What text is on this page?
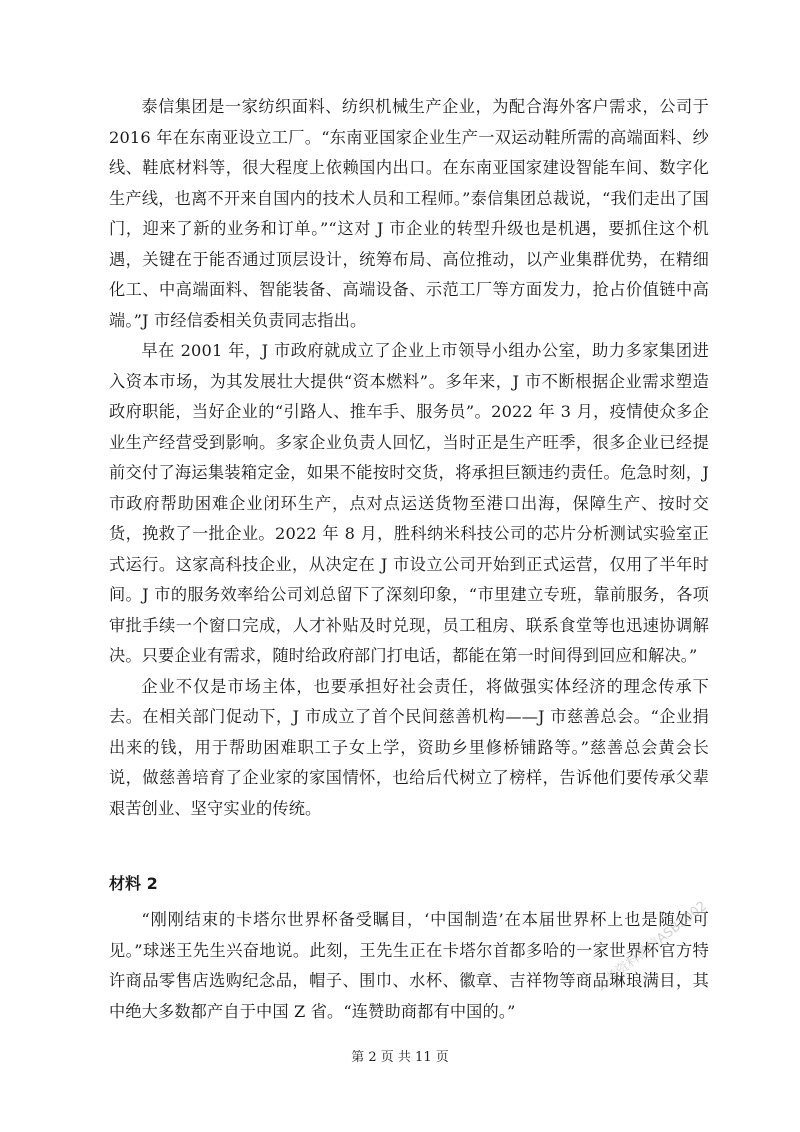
泰信集团是一家纺织面料、纺织机械生产企业，为配合海外客户需求，公司于 2016 年在东南亚设立工厂。“东南亚国家企业生产一双运动鞋所需的高端面料、纱线、鞋底材料等，很大程度上依赖国内出口。在东南亚国家建设智能车间、数字化生产线，也离不开来自国内的技术人员和工程师。”泰信集团总裁说，“我们走出了国门，迎来了新的业务和订单。”“这对 J 市企业的转型升级也是机遇，要抓住这个机遇，关键在于能否通过顶层设计，统筹布局、高位推动，以产业集群优势，在精细化工、中高端面料、智能装备、高端设备、示范工厂等方面发力，抢占价值链中高端。”J 市经信委相关负责同志指出。

早在 2001 年，J 市政府就成立了企业上市领导小组办公室，助力多家集团进入资本市场，为其发展壮大提供“资本燃料”。多年来，J 市不断根据企业需求塑造政府职能，当好企业的“引路人、推车手、服务员”。2022 年 3 月，疫情使众多企业生产经营受到影响。多家企业负责人回忆，当时正是生产旺季，很多企业已经提前交付了海运集装箱定金，如果不能按时交货，将承担巨额违约责任。危急时刻，J 市政府帮助困难企业闭环生产，点对点运送货物至港口出海，保障生产、按时交货，挽救了一批企业。2022 年 8 月，胜科纳米科技公司的芯片分析测试实验室正式运行。这家高科技企业，从决定在 J 市设立公司开始到正式运营，仅用了半年时间。J 市的服务效率给公司刘总留下了深刻印象，“市里建立专班，靠前服务，各项审批手续一个窗口完成，人才补贴及时兑现，员工租房、联系食堂等也迅速协调解决。只要企业有需求，随时给政府部门打电话，都能在第一时间得到回应和解决。”

企业不仅是市场主体，也要承担好社会责任，将做强实体经济的理念传承下去。在相关部门促动下，J 市成立了首个民间慈善机构——J 市慈善总会。“企业捐出来的钱，用于帮助困难职工子女上学，资助乡里修桥铺路等。”慈善总会黄会长说，做慈善培育了企业家的家国情怀，也给后代树立了榜样，告诉他们要传承父辈艰苦创业、坚守实业的传统。

材料 2

“刚刚结束的卡塔尔世界杯备受瞩目，‘中国制造’在本届世界杯上也是随处可见。”球迷王先生兴奋地说。此刻，王先生正在卡塔尔首都多哈的一家世界杯官方特许商品零售店选购纪念品，帽子、围巾、水杯、徽章、吉祥物等商品琳琅满目，其中绝大多数都产自于中国 Z 省。“连赞助商都有中国的。”

公考资料微信ASB2002
第 2 页 共 11 页
